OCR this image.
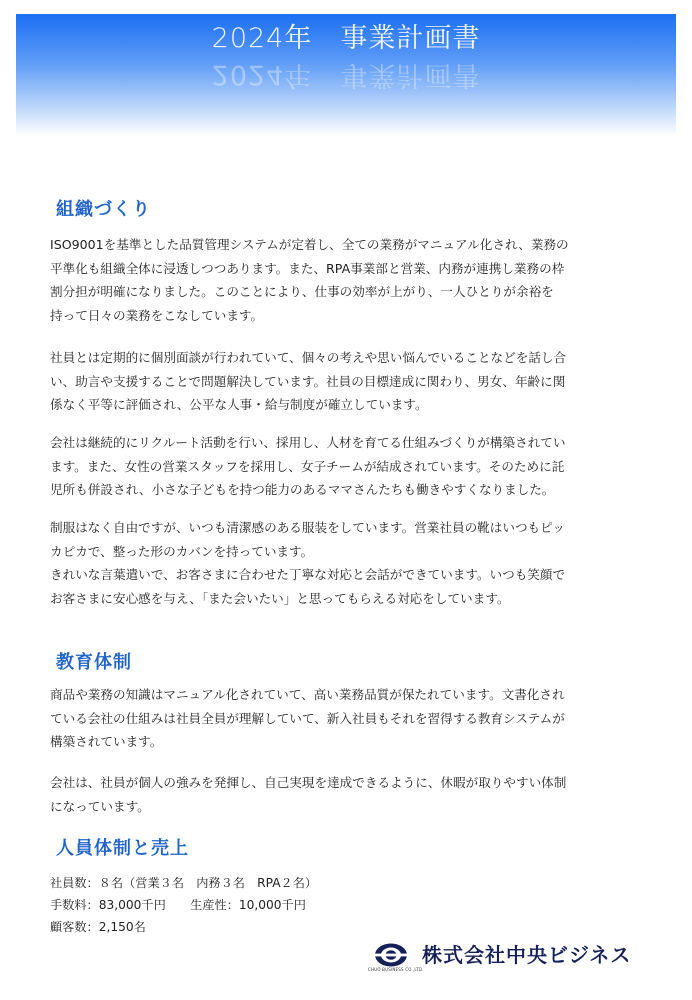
2024年　事業計画書
2024年　事業計画書
組織づくり

ISO9001を基準とした品質管理システムが定着し、全ての業務がマニュアル化され、業務の
平準化も組織全体に浸透しつつあります。また、RPA事業部と営業、内務が連携し業務の枠
割分担が明確になりました。このことにより、仕事の効率が上がり、一人ひとりが余裕を
持って日々の業務をこなしています。

社員とは定期的に個別面談が行われていて、個々の考えや思い悩んでいることなどを話し合
い、助言や支援することで問題解決しています。社員の目標達成に関わり、男女、年齢に関
係なく平等に評価され、公平な人事・給与制度が確立しています。

会社は継続的にリクルート活動を行い、採用し、人材を育てる仕組みづくりが構築されてい
ます。また、女性の営業スタッフを採用し、女子チームが結成されています。そのために託
児所も併設され、小さな子どもを持つ能力のあるママさんたちも働きやすくなりました。

制服はなく自由ですが、いつも清潔感のある服装をしています。営業社員の靴はいつもピッ
カピカで、整った形のカバンを持っています。
きれいな言葉遣いで、お客さまに合わせた丁寧な対応と会話ができています。いつも笑顔で
お客さまに安心感を与え、「また会いたい」と思ってもらえる対応をしています。

教育体制

商品や業務の知識はマニュアル化されていて、高い業務品質が保たれています。文書化され
ている会社の仕組みは社員全員が理解していて、新入社員もそれを習得する教育システムが
構築されています。

会社は、社員が個人の強みを発揮し、自己実現を達成できるように、休暇が取りやすい体制
になっています。

人員体制と売上
社員数：８名（営業３名　内務３名　RPA２名）
手数料：83,000千円　　生産性：10,000千円
顧客数：2,150名
CHUO BUSINESS CO.,LTD.
株式会社中央ビジネス
